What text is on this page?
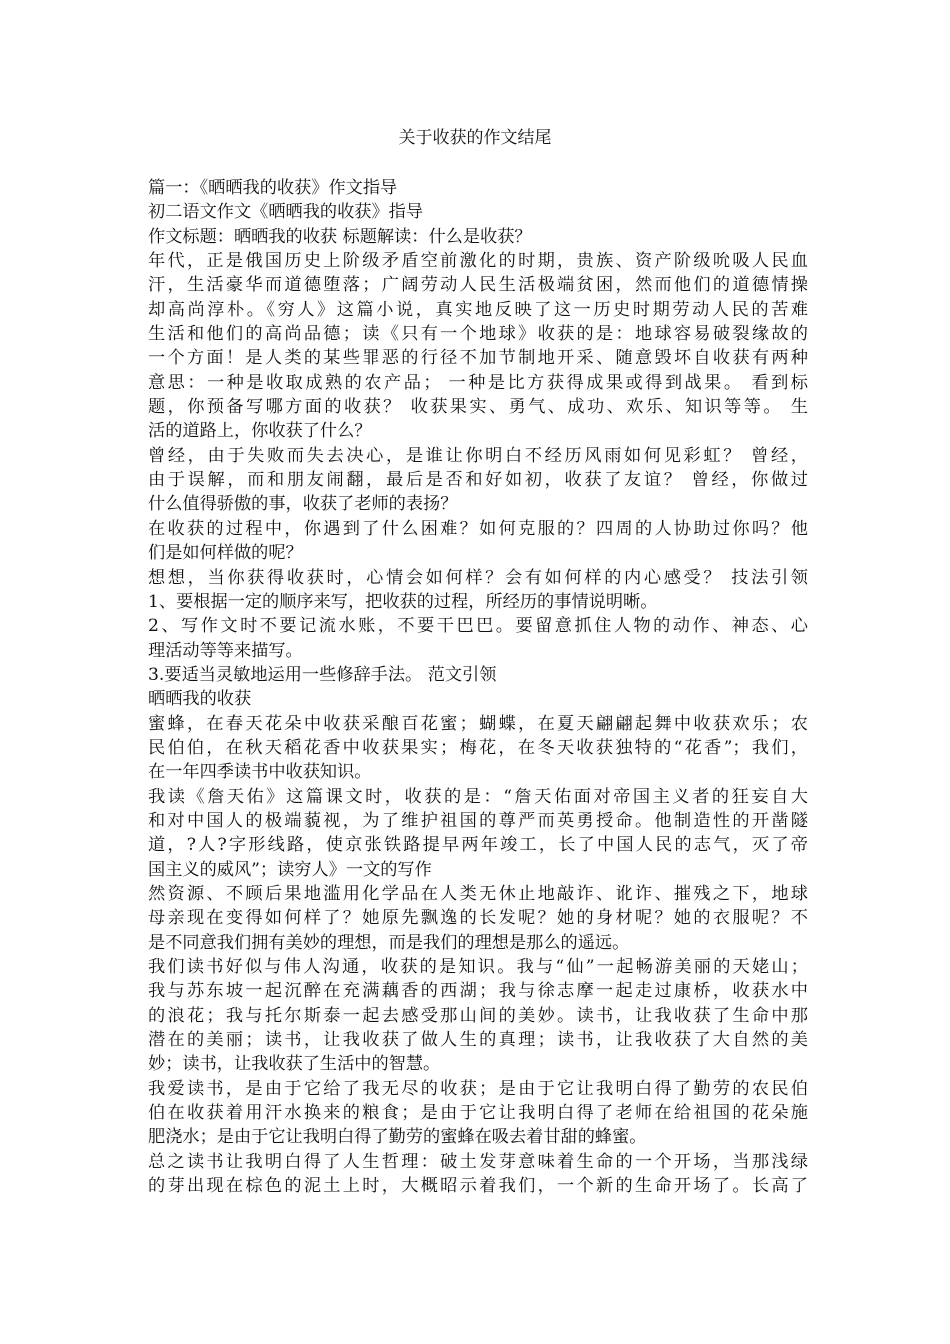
关于收获的作文结尾
篇一：《晒晒我的收获》作文指导
初二语文作文《晒晒我的收获》指导
作文标题：晒晒我的收获 标题解读：什么是收获？
年代，正是俄国历史上阶级矛盾空前激化的时期，贵族、资产阶级吮吸人民血
汗，生活豪华而道德堕落；广阔劳动人民生活极端贫困，然而他们的道德情操
却高尚淳朴。《穷人》这篇小说，真实地反映了这一历史时期劳动人民的苦难
生活和他们的高尚品德；读《只有一个地球》收获的是：地球容易破裂缘故的
一个方面！是人类的某些罪恶的行径不加节制地开采、随意毁坏自收获有两种
意思：一种是收取成熟的农产品； 一种是比方获得成果或得到战果。 看到标
题，你预备写哪方面的收获？ 收获果实、勇气、成功、欢乐、知识等等。 生
活的道路上，你收获了什么？
曾经，由于失败而失去决心，是谁让你明白不经历风雨如何见彩虹？ 曾经，
由于误解，而和朋友闹翻，最后是否和好如初，收获了友谊？ 曾经，你做过
什么值得骄傲的事，收获了老师的表扬？
在收获的过程中，你遇到了什么困难？如何克服的？四周的人协助过你吗？他
们是如何样做的呢？
想想，当你获得收获时，心情会如何样？会有如何样的内心感受？ 技法引领
1、要根据一定的顺序来写，把收获的过程，所经历的事情说明晰。
2、写作文时不要记流水账，不要干巴巴。要留意抓住人物的动作、神态、心
理活动等等来描写。
3.要适当灵敏地运用一些修辞手法。 范文引领
晒晒我的收获
蜜蜂，在春天花朵中收获采酿百花蜜；蝴蝶，在夏天翩翩起舞中收获欢乐；农
民伯伯，在秋天稻花香中收获果实；梅花，在冬天收获独特的“花香”；我们，
在一年四季读书中收获知识。
我读《詹天佑》这篇课文时，收获的是：“詹天佑面对帝国主义者的狂妄自大
和对中国人的极端藐视，为了维护祖国的尊严而英勇授命。他制造性的开凿隧
道，?人?字形线路，使京张铁路提早两年竣工，长了中国人民的志气，灭了帝
国主义的威风”；读穷人》一文的写作
然资源、不顾后果地滥用化学品在人类无休止地敲诈、讹诈、摧残之下，地球
母亲现在变得如何样了？她原先飘逸的长发呢？她的身材呢？她的衣服呢？不
是不同意我们拥有美妙的理想，而是我们的理想是那么的遥远。
我们读书好似与伟人沟通，收获的是知识。我与“仙”一起畅游美丽的天姥山；
我与苏东坡一起沉醉在充满藕香的西湖；我与徐志摩一起走过康桥，收获水中
的浪花；我与托尔斯泰一起去感受那山间的美妙。读书，让我收获了生命中那
潜在的美丽；读书，让我收获了做人生的真理；读书，让我收获了大自然的美
妙；读书，让我收获了生活中的智慧。
我爱读书，是由于它给了我无尽的收获；是由于它让我明白得了勤劳的农民伯
伯在收获着用汗水换来的粮食；是由于它让我明白得了老师在给祖国的花朵施
肥浇水；是由于它让我明白得了勤劳的蜜蜂在吸去着甘甜的蜂蜜。
总之读书让我明白得了人生哲理：破土发芽意味着生命的一个开场，当那浅绿
的芽出现在棕色的泥土上时，大概昭示着我们，一个新的生命开场了。长高了
